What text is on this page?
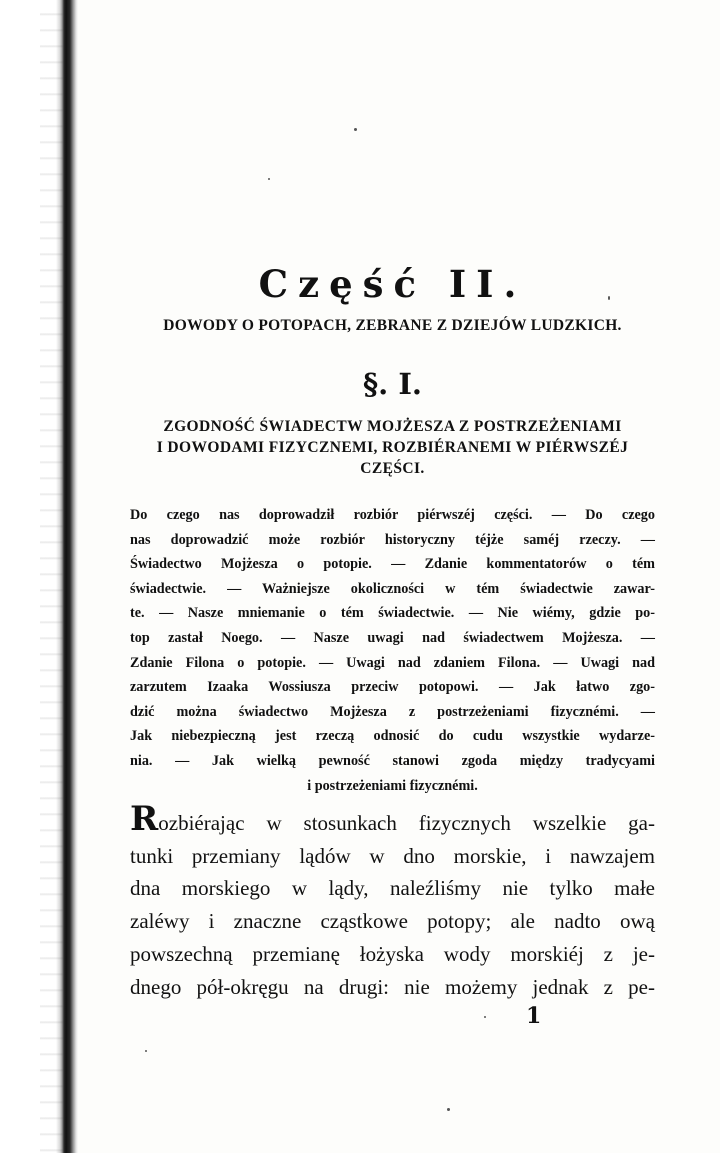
Część II.
DOWODY O POTOPACH, ZEBRANE Z DZIEJÓW LUDZKICH.
§. I.
ZGODNOŚĆ ŚWIADECTW MOJŻESZA Z POSTRZEŻENIAMI
I DOWODAMI FIZYCZNEMI, ROZBIÉRANEMI W PIÉRWSZÉJ
CZĘŚCI.
Do czego nas doprowadził rozbiór piérwszéj części. — Do czego
nas doprowadzić może rozbiór historyczny téjże saméj rzeczy. —
Świadectwo Mojżesza o potopie. — Zdanie kommentatorów o tém
świadectwie. — Ważniejsze okoliczności w tém świadectwie zawar-
te. — Nasze mniemanie o tém świadectwie. — Nie wiémy, gdzie po-
top zastał Noego. — Nasze uwagi nad świadectwem Mojżesza. —
Zdanie Filona o potopie. — Uwagi nad zdaniem Filona. — Uwagi nad
zarzutem Izaaka Wossiusza przeciw potopowi. — Jak łatwo zgo-
dzić można świadectwo Mojżesza z postrzeżeniami fizycznémi. —
Jak niebezpieczną jest rzeczą odnosić do cudu wszystkie wydarze-
nia. — Jak wielką pewność stanowi zgoda między tradycyami
i postrzeżeniami fizycznémi.
Rozbiérając w stosunkach fizycznych wszelkie ga-
tunki przemiany lądów w dno morskie, i nawzajem
dna morskiego w lądy, naleźliśmy nie tylko małe
zaléwy i znaczne cząstkowe potopy; ale nadto ową
powszechną przemianę łożyska wody morskiéj z je-
dnego pół-okręgu na drugi: nie możemy jednak z pe-
1
